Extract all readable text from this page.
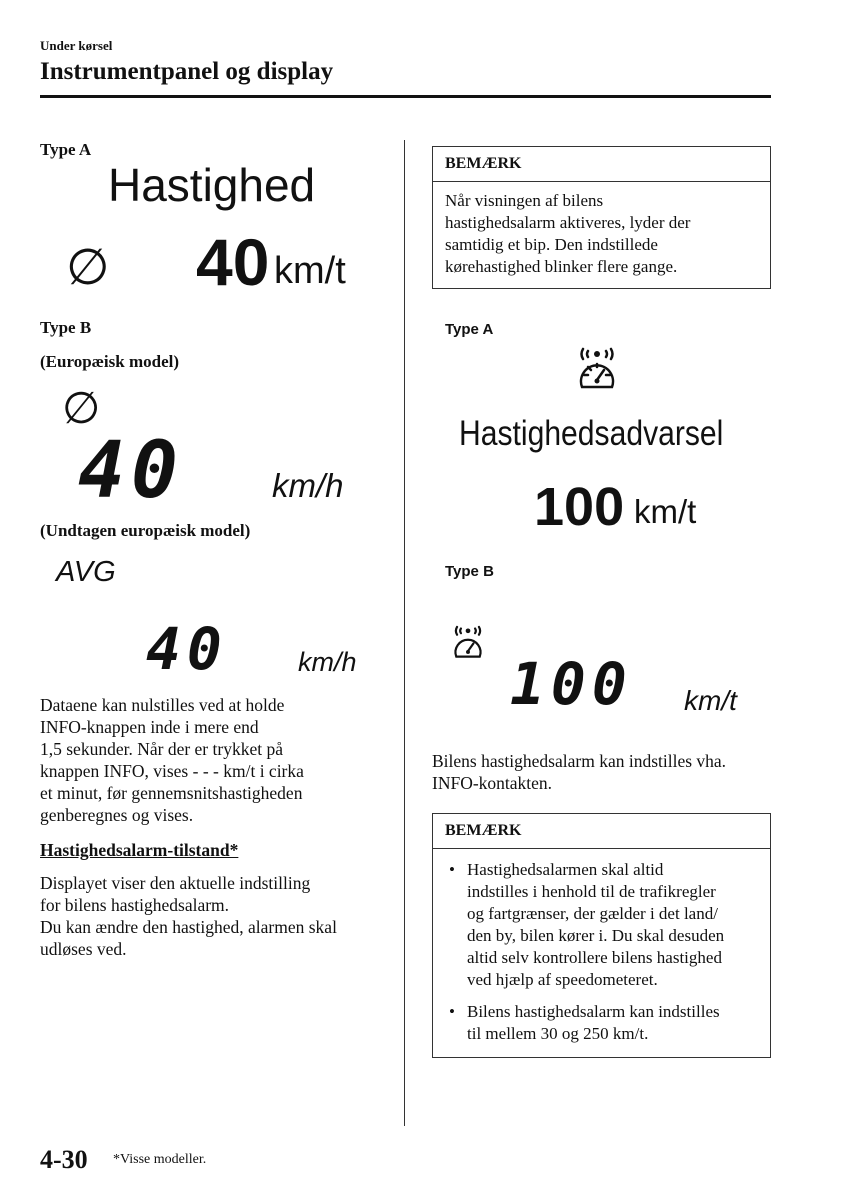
Under kørsel
Instrumentpanel og display
Type A
Hastighed
∅ 40 km/t
Type B
(Europæisk model)
∅
40	km/h
(Undtagen europæisk model)
AVG
40	km/h
Dataene kan nulstilles ved at holde
INFO-knappen inde i mere end
1,5 sekunder. Når der er trykket på
knappen INFO, vises - - - km/t i cirka
et minut, før gennemsnitshastigheden
genberegnes og vises.
Hastighedsalarm-tilstand*
Displayet viser den aktuelle indstilling
for bilens hastighedsalarm.
Du kan ændre den hastighed, alarmen skal
udløses ved.
BEMÆRK
Når visningen af bilens
hastighedsalarm aktiveres, lyder der
samtidig et bip. Den indstillede
kørehastighed blinker flere gange.
Type A
Hastighedsadvarsel
100 km/t
Type B
100 km/t
Bilens hastighedsalarm kan indstilles vha.
INFO-kontakten.
BEMÆRK
• Hastighedsalarmen skal altid
indstilles i henhold til de trafikregler
og fartgrænser, der gælder i det land/
den by, bilen kører i. Du skal desuden
altid selv kontrollere bilens hastighed
ved hjælp af speedometeret.
• Bilens hastighedsalarm kan indstilles
til mellem 30 og 250 km/t.
4-30 *Visse modeller.
